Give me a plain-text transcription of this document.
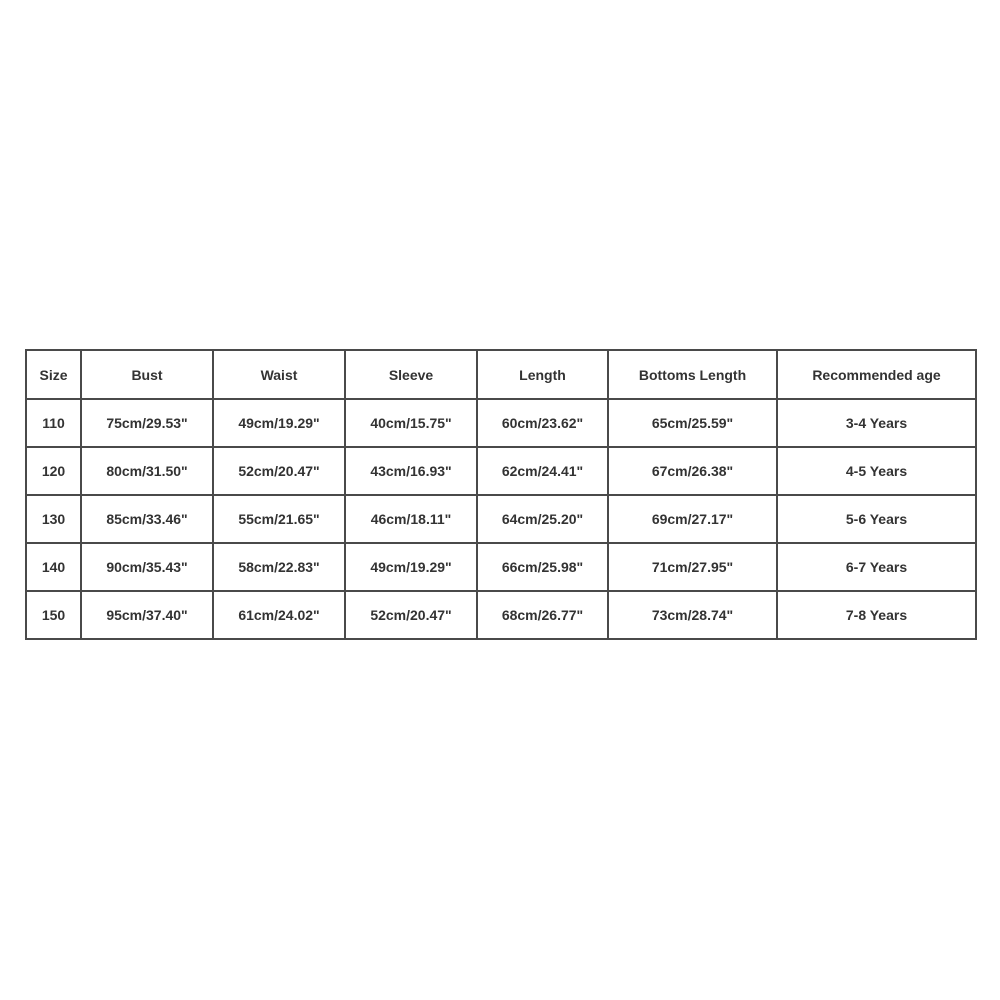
Size	Bust	Waist	Sleeve	Length	Bottoms Length	Recommended age
110	75cm/29.53"	49cm/19.29"	40cm/15.75"	60cm/23.62"	65cm/25.59"	3-4 Years
120	80cm/31.50"	52cm/20.47"	43cm/16.93"	62cm/24.41"	67cm/26.38"	4-5 Years
130	85cm/33.46"	55cm/21.65"	46cm/18.11"	64cm/25.20"	69cm/27.17"	5-6 Years
140	90cm/35.43"	58cm/22.83"	49cm/19.29"	66cm/25.98"	71cm/27.95"	6-7 Years
150	95cm/37.40"	61cm/24.02"	52cm/20.47"	68cm/26.77"	73cm/28.74"	7-8 Years
